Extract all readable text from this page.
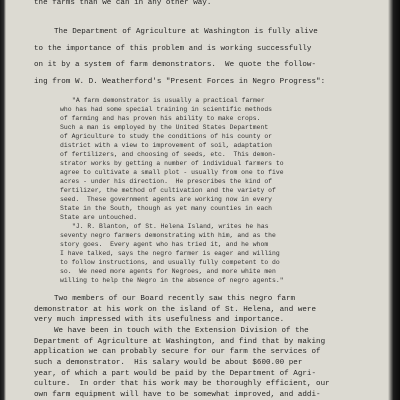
the farms than we can in any other way.
The Department of Agriculture at Washington is fully alive
to the importance of this problem and is working successfully
on it by a system of farm demonstrators.  We quote the follow-
ing from W. D. Weatherford's "Present Forces in Negro Progress":
"A farm demonstrator is usually a practical farmer
who has had some special training in scientific methods
of farming and has proven his ability to make crops.
Such a man is employed by the United States Department
of Agriculture to study the conditions of his county or
district with a view to improvement of soil, adaptation
of fertilizers, and choosing of seeds, etc.  This demon-
strator works by getting a number of individual farmers to
agree to cultivate a small plot - usually from one to five
acres - under his direction.  He prescribes the kind of
fertilizer, the method of cultivation and the variety of
seed.  These government agents are working now in every
State in the South, though as yet many counties in each
State are untouched.
"J. R. Blanton, of St. Helena Island, writes he has
seventy negro farmers demonstrating with him, and as the
story goes.  Every agent who has tried it, and he whom
I have talked, says the negro farmer is eager and willing
to follow instructions, and usually fully competent to do
so.  We need more agents for Negroes, and more white men
willing to help the Negro in the absence of negro agents."
Two members of our Board recently saw this negro farm
demonstrator at his work on the island of St. Helena, and were
very much impressed with its usefulness and importance.
We have been in touch with the Extension Division of the
Department of Agriculture at Washington, and find that by making
application we can probably secure for our farm the services of
such a demonstrator.  His salary would be about $600.00 per
year, of which a part would be paid by the Department of Agri-
culture.  In order that his work may be thoroughly efficient, our
own farm equipment will have to be somewhat improved, and addi-
